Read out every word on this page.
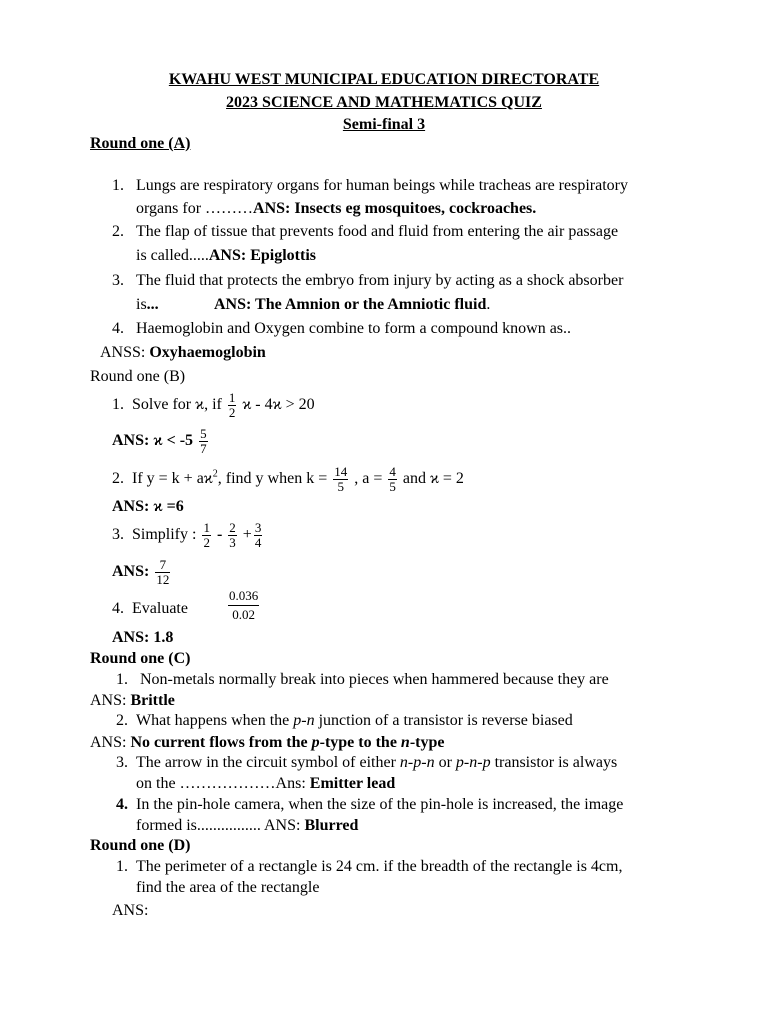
KWAHU WEST MUNICIPAL EDUCATION DIRECTORATE
2023 SCIENCE AND MATHEMATICS QUIZ
Semi-final 3
Round one (A)
1. Lungs are respiratory organs for human beings while tracheas are respiratory
organs for ………ANS: Insects eg mosquitoes, cockroaches.
2. The flap of tissue that prevents food and fluid from entering the air passage
is called.....ANS: Epiglottis
3. The fluid that protects the embryo from injury by acting as a shock absorber
is...	ANS: The Amnion or the Amniotic fluid.
4. Haemoglobin and Oxygen combine to form a compound known as..
ANSS: Oxyhaemoglobin
Round one (B)
1. Solve for ϰ, if $\frac{1}{2}$ ϰ - 4ϰ > 20
ANS: $ϰ < -5 \frac{5}{7}$
2. If $y = k + aϰ^2$, find y when $k = \frac{14}{5}$ , $a = \frac{4}{5}$ and ϰ = 2
ANS: ϰ =6
3. Simplify : $\frac{1}{2} - \frac{2}{3} + \frac{3}{4}$
ANS: $\frac{7}{12}$
4. Evaluate	$\frac{0.036}{0.02}$
ANS: 1.8
Round one (C)
1. Non-metals normally break into pieces when hammered because they are
ANS: Brittle
2. What happens when the p-n junction of a transistor is reverse biased
ANS: No current flows from the p-type to the n-type
3. The arrow in the circuit symbol of either n-p-n or p-n-p transistor is always
on the ………………Ans: Emitter lead
4. In the pin-hole camera, when the size of the pin-hole is increased, the image
formed is................ ANS: Blurred
Round one (D)
1. The perimeter of a rectangle is 24 cm. if the breadth of the rectangle is 4cm,
find the area of the rectangle
ANS:
